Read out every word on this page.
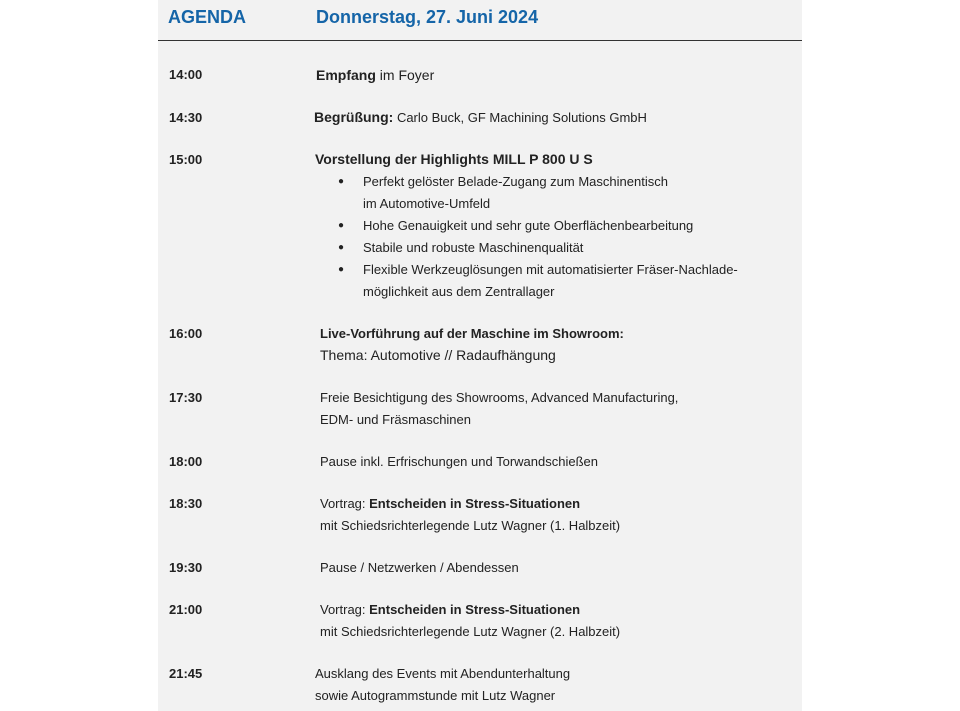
AGENDA	Donnerstag, 27. Juni 2024
14:00	Empfang im Foyer
14:30	Begrüßung: Carlo Buck, GF Machining Solutions GmbH
15:00	Vorstellung der Highlights MILL P 800 U S
● Perfekt gelöster Belade-Zugang zum Maschinentisch
im Automotive-Umfeld
● Hohe Genauigkeit und sehr gute Oberflächenbearbeitung
● Stabile und robuste Maschinenqualität
● Flexible Werkzeuglösungen mit automatisierter Fräser-Nachlade-
möglichkeit aus dem Zentrallager
16:00	Live-Vorführung auf der Maschine im Showroom:
Thema: Automotive // Radaufhängung
17:30	Freie Besichtigung des Showrooms, Advanced Manufacturing,
EDM- und Fräsmaschinen
18:00	Pause inkl. Erfrischungen und Torwandschießen
18:30	Vortrag: Entscheiden in Stress-Situationen
mit Schiedsrichterlegende Lutz Wagner (1. Halbzeit)
19:30	Pause / Netzwerken / Abendessen
21:00	Vortrag: Entscheiden in Stress-Situationen
mit Schiedsrichterlegende Lutz Wagner (2. Halbzeit)
21:45	Ausklang des Events mit Abendunterhaltung
sowie Autogrammstunde mit Lutz Wagner
